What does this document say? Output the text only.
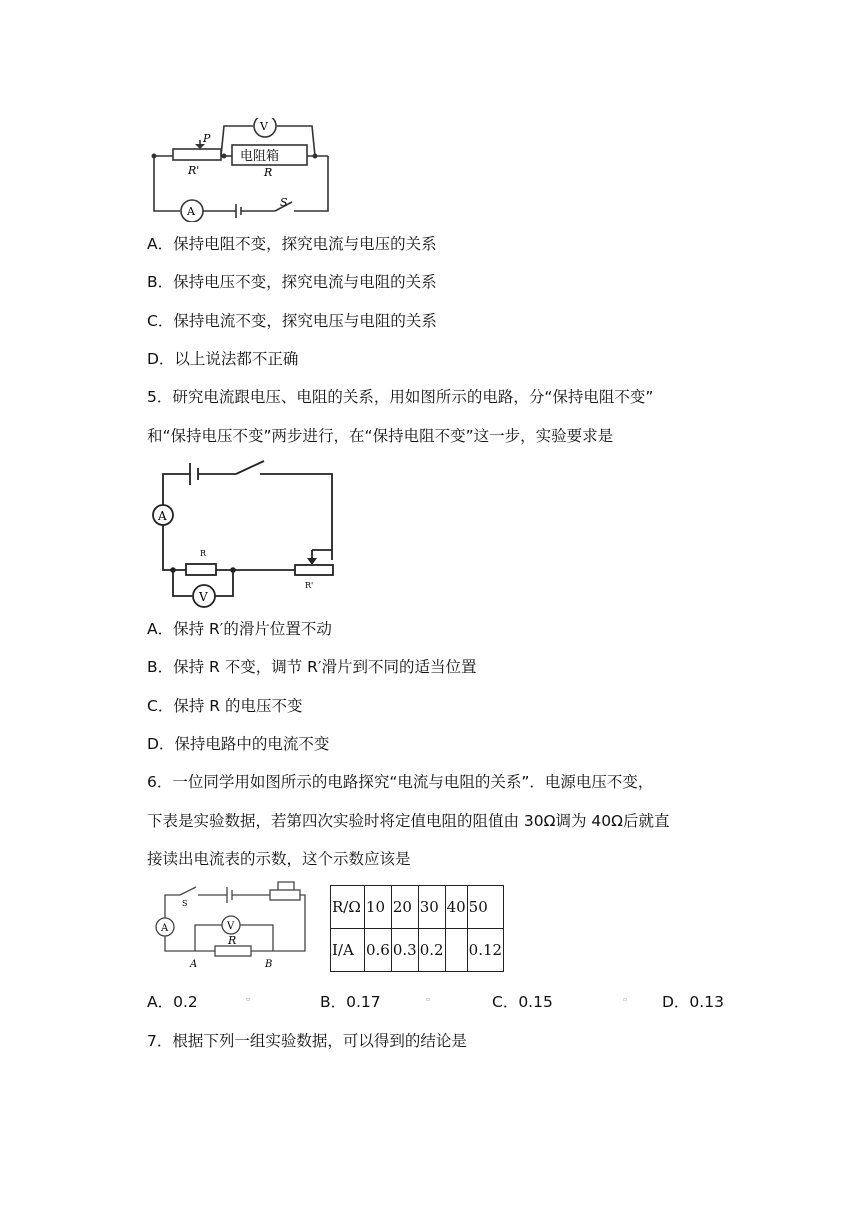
P
R'
电阻箱
R
S
V
A
A．保持电阻不变，探究电流与电压的关系
B．保持电压不变，探究电流与电阻的关系
C．保持电流不变，探究电压与电阻的关系
D．以上说法都不正确
5．研究电流跟电压、电阻的关系，用如图所示的电路，分“保持电阻不变”
和“保持电压不变”两步进行，在“保持电阻不变”这一步，实验要求是
R
R'
A
V
A．保持 R′的滑片位置不动
B．保持 R 不变，调节 R′滑片到不同的适当位置
C．保持 R 的电压不变
D．保持电路中的电流不变
6．一位同学用如图所示的电路探究“电流与电阻的关系”．电源电压不变，
下表是实验数据，若第四次实验时将定值电阻的阻值由 30Ω调为 40Ω后就直
接读出电流表的示数，这个示数应该是
S
R
A	B
A	V
R/Ω	10	20	30	40	50
I/A	0.6	0.3	0.2		0.12
A．0.2	▫	B．0.17	▫	C．0.15	▫ D．0.13
7．根据下列一组实验数据，可以得到的结论是
